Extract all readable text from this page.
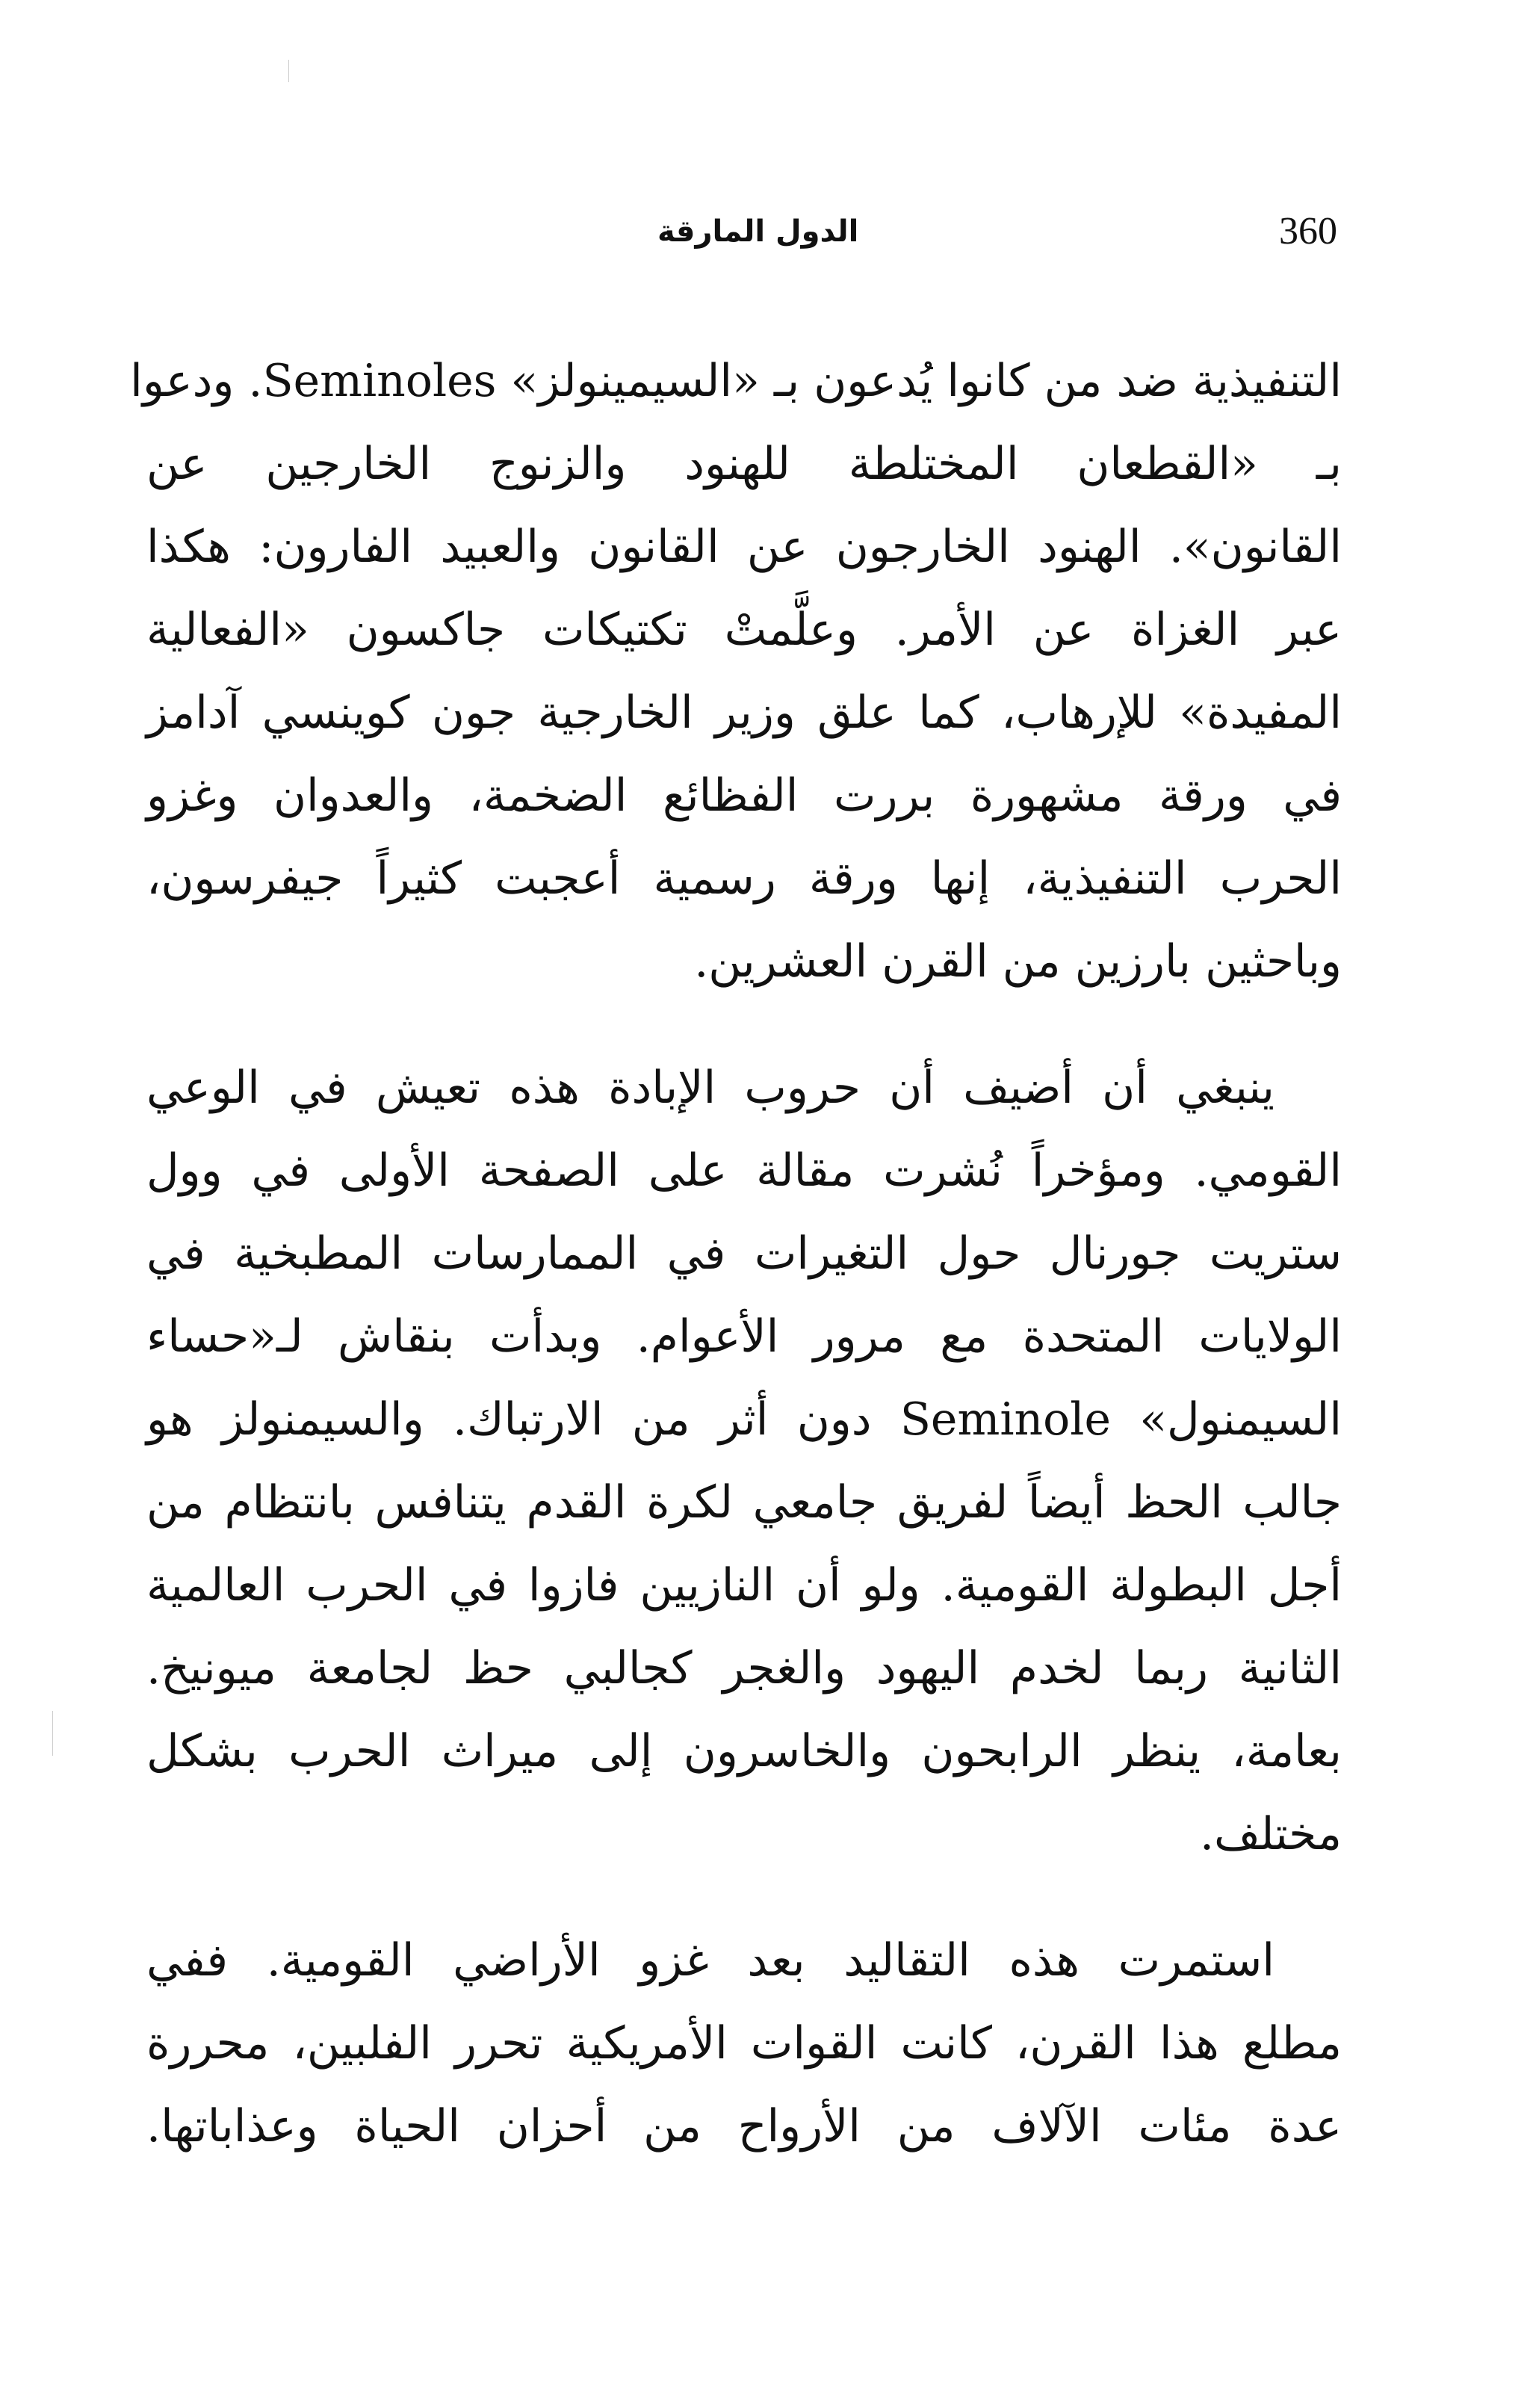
الدول المارقة	360
التنفيذية ضد من كانوا يُدعون بـ «السيمينولز» Seminoles. ودعوا
بـ «القطعان المختلطة للهنود والزنوج الخارجين عن
القانون». الهنود الخارجون عن القانون والعبيد الفارون: هكذا
عبر الغزاة عن الأمر. وعلَّمتْ تكتيكات جاكسون «الفعالية
المفيدة» للإرهاب، كما علق وزير الخارجية جون كوينسي آدامز
في ورقة مشهورة بررت الفظائع الضخمة، والعدوان وغزو
الحرب التنفيذية، إنها ورقة رسمية أعجبت كثيراً جيفرسون،
وباحثين بارزين من القرن العشرين.
ينبغي أن أضيف أن حروب الإبادة هذه تعيش في الوعي
القومي. ومؤخراً نُشرت مقالة على الصفحة الأولى في وول
ستريت جورنال حول التغيرات في الممارسات المطبخية في
الولايات المتحدة مع مرور الأعوام. وبدأت بنقاش لـ«حساء
السيمنول» Seminole دون أثر من الارتباك. والسيمنولز هو
جالب الحظ أيضاً لفريق جامعي لكرة القدم يتنافس بانتظام من
أجل البطولة القومية. ولو أن النازيين فازوا في الحرب العالمية
الثانية ربما لخدم اليهود والغجر كجالبي حظ لجامعة ميونيخ.
بعامة، ينظر الرابحون والخاسرون إلى ميراث الحرب بشكل
مختلف.
استمرت هذه التقاليد بعد غزو الأراضي القومية. ففي
مطلع هذا القرن، كانت القوات الأمريكية تحرر الفلبين، محررة
عدة مئات الآلاف من الأرواح من أحزان الحياة وعذاباتها.
